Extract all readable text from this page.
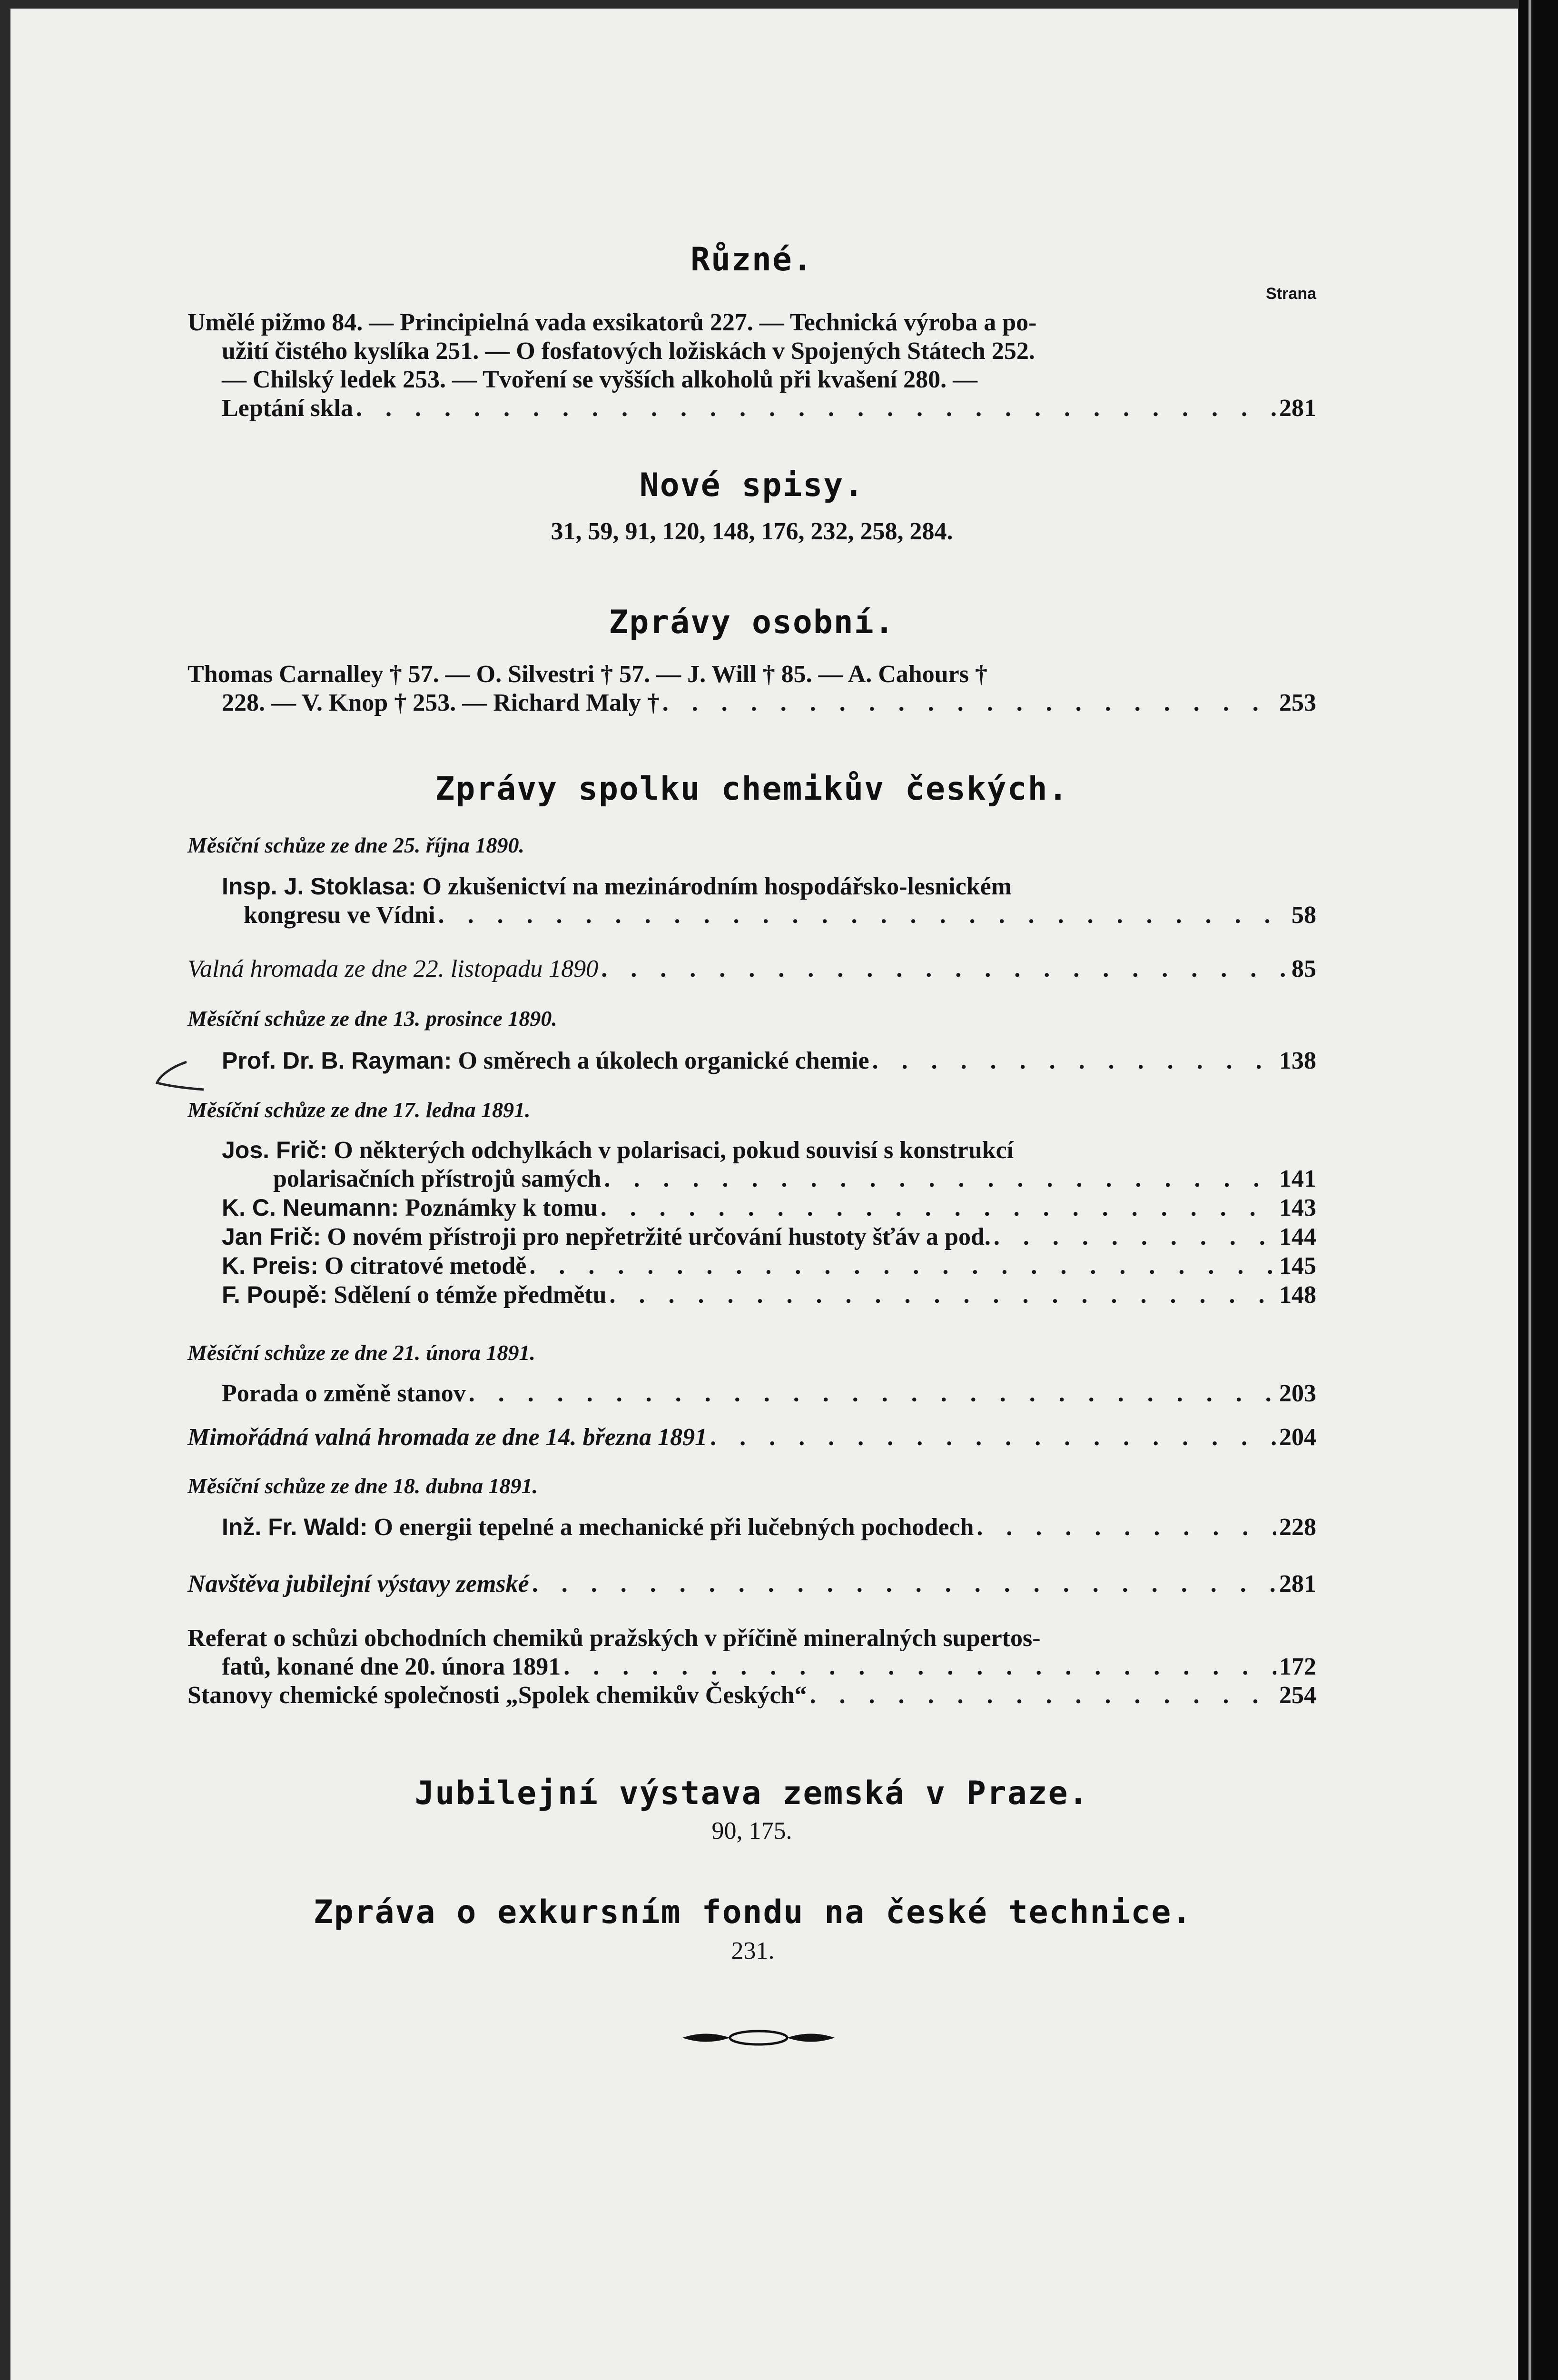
Různé.
Strana
Umělé pižmo 84. — Principielná vada exsikatorů 227. — Technická výroba a po-
užití čistého kyslíka 251. — O fosfatových ložiskách v Spojených Státech 252.
— Chilský ledek 253. — Tvoření se vyšších alkoholů při kvašení 280. —
Leptání skla . . .	281
Nové spisy.
31, 59, 91, 120, 148, 176, 232, 258, 284.
Zprávy osobní.
Thomas Carnalley † 57. — O. Silvestri † 57. — J. Will † 85. — A. Cahours †
228. — V. Knop † 253. — Richard Maly † . . .	253
Zprávy spolku chemikův českých.
Měsíční schůze ze dne 25. října 1890.
Insp. J. Stoklasa: O zkušenictví na mezinárodním hospodářsko-lesnickém
kongresu ve Vídni . . .	58
Valná hromada ze dne 22. listopadu 1890 . . .	85
Měsíční schůze ze dne 13. prosince 1890.
Prof. Dr. B. Rayman: O směrech a úkolech organické chemie . . .	138
Měsíční schůze ze dne 17. ledna 1891.
Jos. Frič: O některých odchylkách v polarisaci, pokud souvisí s konstrukcí
polarisačních přístrojů samých . . .	141
K. C. Neumann: Poznámky k tomu . . .	143
Jan Frič: O novém přístroji pro nepřetržité určování hustoty šťáv a pod. . . .	144
K. Preis: O citratové metodě . . .	145
F. Poupě: Sdělení o témže předmětu . . .	148
Měsíční schůze ze dne 21. února 1891.
Porada o změně stanov . . .	203
Mimořádná valná hromada ze dne 14. března 1891 . . .	204
Měsíční schůze ze dne 18. dubna 1891.
Inž. Fr. Wald: O energii tepelné a mechanické při lučebných pochodech . . .	228
Navštěva jubilejní výstavy zemské . . .	281
Referat o schůzi obchodních chemiků pražských v příčině mineralných supertos-
fatů, konané dne 20. února 1891 . . .	172
Stanovy chemické společnosti „Spolek chemikův Českých“ . . .	254
Jubilejní výstava zemská v Praze.
90, 175.
Zpráva o exkursním fondu na české technice.
231.
